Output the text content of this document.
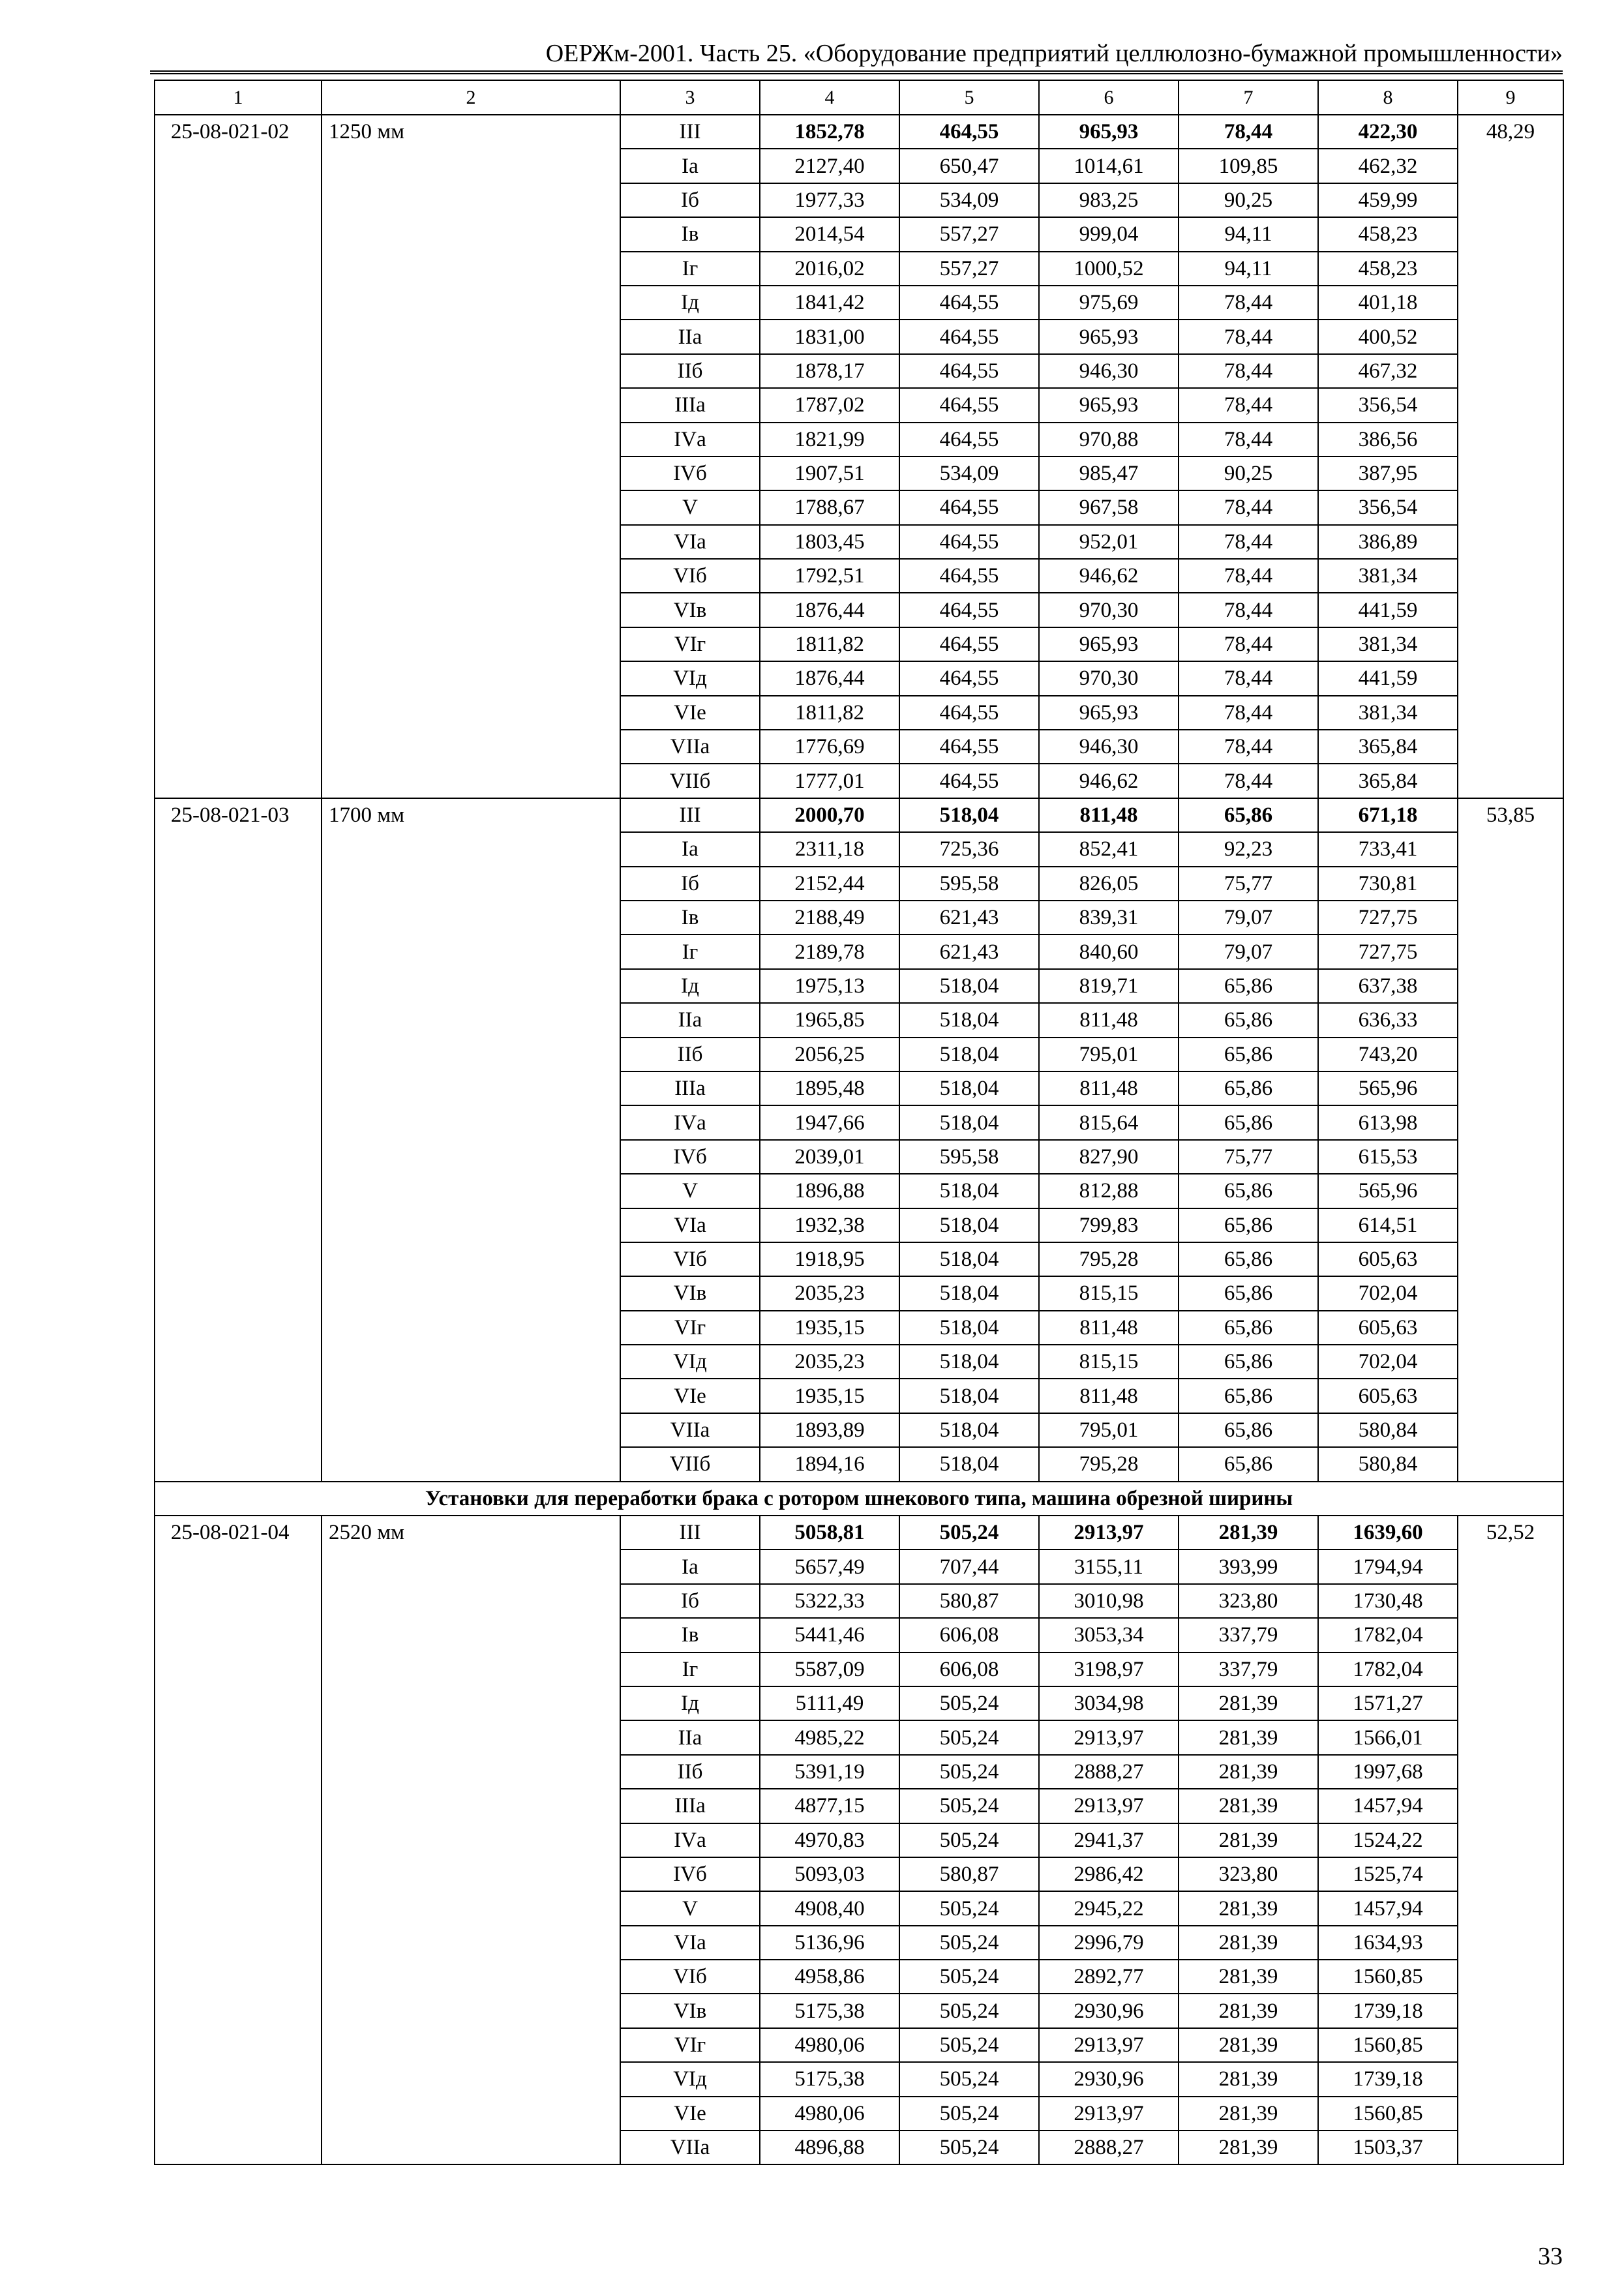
ОЕРЖм-2001. Часть 25. «Оборудование предприятий целлюлозно-бумажной промышленности»
1	2	3	4	5	6	7	8	9
25-08-021-02	1250 мм	III	1852,78	464,55	965,93	78,44	422,30	48,29
		Iа	2127,40	650,47	1014,61	109,85	462,32	
		Iб	1977,33	534,09	983,25	90,25	459,99	
		Iв	2014,54	557,27	999,04	94,11	458,23	
		Iг	2016,02	557,27	1000,52	94,11	458,23	
		Iд	1841,42	464,55	975,69	78,44	401,18	
		IIа	1831,00	464,55	965,93	78,44	400,52	
		IIб	1878,17	464,55	946,30	78,44	467,32	
		IIIа	1787,02	464,55	965,93	78,44	356,54	
		IVа	1821,99	464,55	970,88	78,44	386,56	
		IVб	1907,51	534,09	985,47	90,25	387,95	
		V	1788,67	464,55	967,58	78,44	356,54	
		VIа	1803,45	464,55	952,01	78,44	386,89	
		VIб	1792,51	464,55	946,62	78,44	381,34	
		VIв	1876,44	464,55	970,30	78,44	441,59	
		VIг	1811,82	464,55	965,93	78,44	381,34	
		VIд	1876,44	464,55	970,30	78,44	441,59	
		VIе	1811,82	464,55	965,93	78,44	381,34	
		VIIа	1776,69	464,55	946,30	78,44	365,84	
		VIIб	1777,01	464,55	946,62	78,44	365,84	
25-08-021-03	1700 мм	III	2000,70	518,04	811,48	65,86	671,18	53,85
		Iа	2311,18	725,36	852,41	92,23	733,41	
		Iб	2152,44	595,58	826,05	75,77	730,81	
		Iв	2188,49	621,43	839,31	79,07	727,75	
		Iг	2189,78	621,43	840,60	79,07	727,75	
		Iд	1975,13	518,04	819,71	65,86	637,38	
		IIа	1965,85	518,04	811,48	65,86	636,33	
		IIб	2056,25	518,04	795,01	65,86	743,20	
		IIIа	1895,48	518,04	811,48	65,86	565,96	
		IVа	1947,66	518,04	815,64	65,86	613,98	
		IVб	2039,01	595,58	827,90	75,77	615,53	
		V	1896,88	518,04	812,88	65,86	565,96	
		VIа	1932,38	518,04	799,83	65,86	614,51	
		VIб	1918,95	518,04	795,28	65,86	605,63	
		VIв	2035,23	518,04	815,15	65,86	702,04	
		VIг	1935,15	518,04	811,48	65,86	605,63	
		VIд	2035,23	518,04	815,15	65,86	702,04	
		VIе	1935,15	518,04	811,48	65,86	605,63	
		VIIа	1893,89	518,04	795,01	65,86	580,84	
		VIIб	1894,16	518,04	795,28	65,86	580,84	
Установки для переработки брака с ротором шнекового типа, машина обрезной ширины								
25-08-021-04	2520 мм	III	5058,81	505,24	2913,97	281,39	1639,60	52,52
		Iа	5657,49	707,44	3155,11	393,99	1794,94	
		Iб	5322,33	580,87	3010,98	323,80	1730,48	
		Iв	5441,46	606,08	3053,34	337,79	1782,04	
		Iг	5587,09	606,08	3198,97	337,79	1782,04	
		Iд	5111,49	505,24	3034,98	281,39	1571,27	
		IIа	4985,22	505,24	2913,97	281,39	1566,01	
		IIб	5391,19	505,24	2888,27	281,39	1997,68	
		IIIа	4877,15	505,24	2913,97	281,39	1457,94	
		IVа	4970,83	505,24	2941,37	281,39	1524,22	
		IVб	5093,03	580,87	2986,42	323,80	1525,74	
		V	4908,40	505,24	2945,22	281,39	1457,94	
		VIа	5136,96	505,24	2996,79	281,39	1634,93	
		VIб	4958,86	505,24	2892,77	281,39	1560,85	
		VIв	5175,38	505,24	2930,96	281,39	1739,18	
		VIг	4980,06	505,24	2913,97	281,39	1560,85	
		VIд	5175,38	505,24	2930,96	281,39	1739,18	
		VIе	4980,06	505,24	2913,97	281,39	1560,85	
		VIIа	4896,88	505,24	2888,27	281,39	1503,37	
33
